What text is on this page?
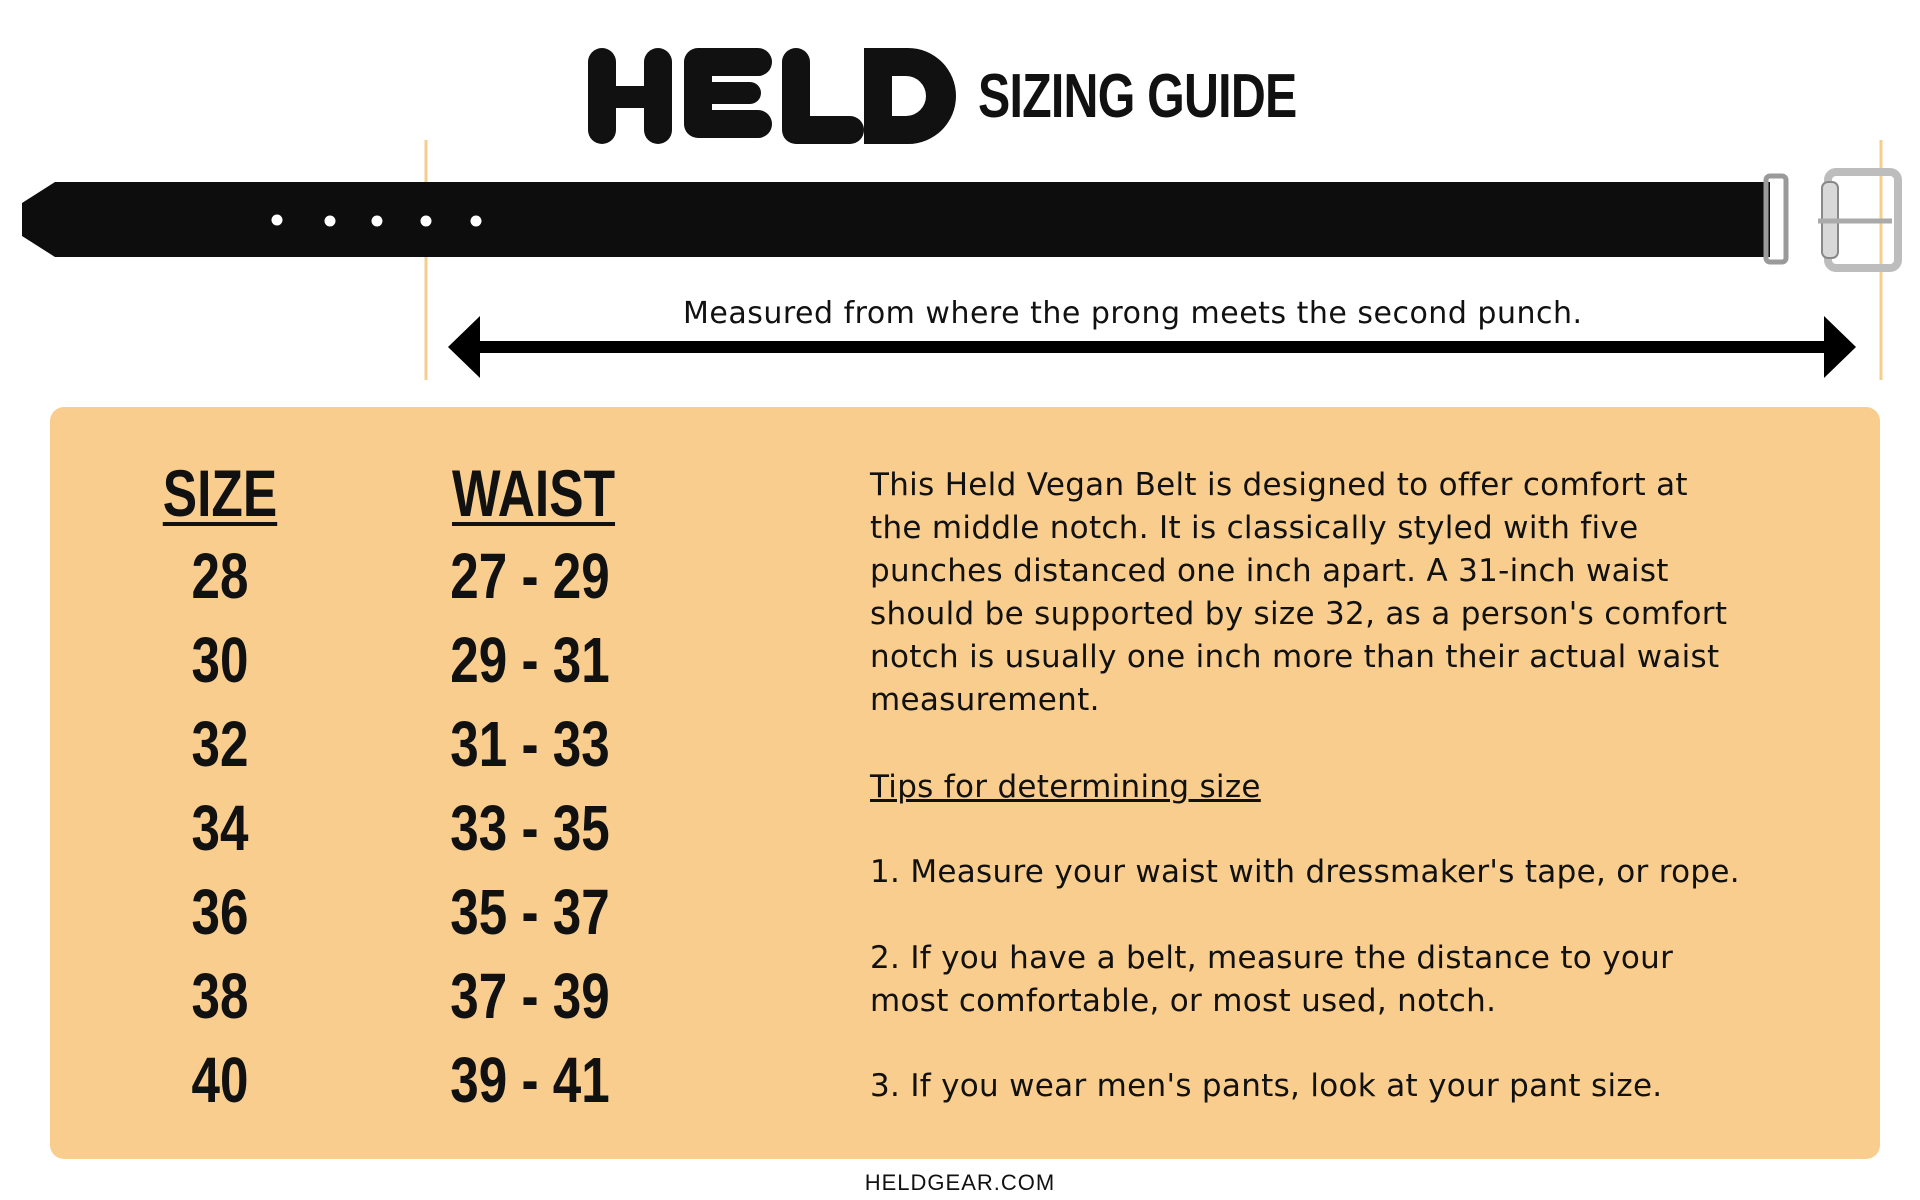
SIZING GUIDE
Measured from where the prong meets the second punch.
SIZE	WAIST
28	27 - 29
30	29 - 31
32	31 - 33
34	33 - 35
36	35 - 37
38	37 - 39
40	39 - 41

This Held Vegan Belt is designed to offer comfort at

the middle notch. It is classically styled with five

punches distanced one inch apart. A 31-inch waist

should be supported by size 32, as a person's comfort

notch is usually one inch more than their actual waist

measurement.

Tips for determining size
1. Measure your waist with dressmaker's tape, or rope.
2. If you have a belt, measure the distance to your
most comfortable, or most used, notch.
3. If you wear men's pants, look at your pant size.
HELDGEAR.COM
